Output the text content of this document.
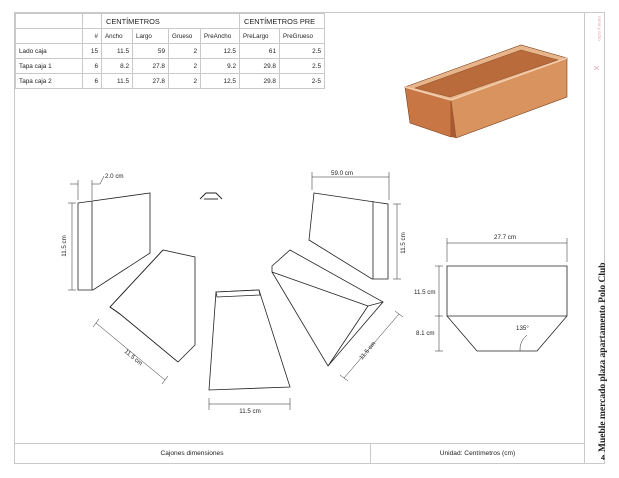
		CENTÍMETROS				CENTÍMETROS PRE	
	#	Ancho	Largo	Grueso	PreAncho	PreLargo	PreGrueso
Lado caja	15	11.5	59	2	12.5	61	2.5
Tapa caja 1	6	8.2	27.8	2	9.2	29.8	2.5
Tapa caja 2	6	11.5	27.8	2	12.5	29.8	2-5
2.0 cm
11.5 cm
11.5 cm
11.5 cm
11.5 cm
59.0 cm
11.5 cm	27.7 cm
11.5 cm
8.1 cm
135°
roma y ocho
Mueble mercado plaza apartamento Polo Club
4
Cajones dimensiones	Unidad: Centímetros (cm)
